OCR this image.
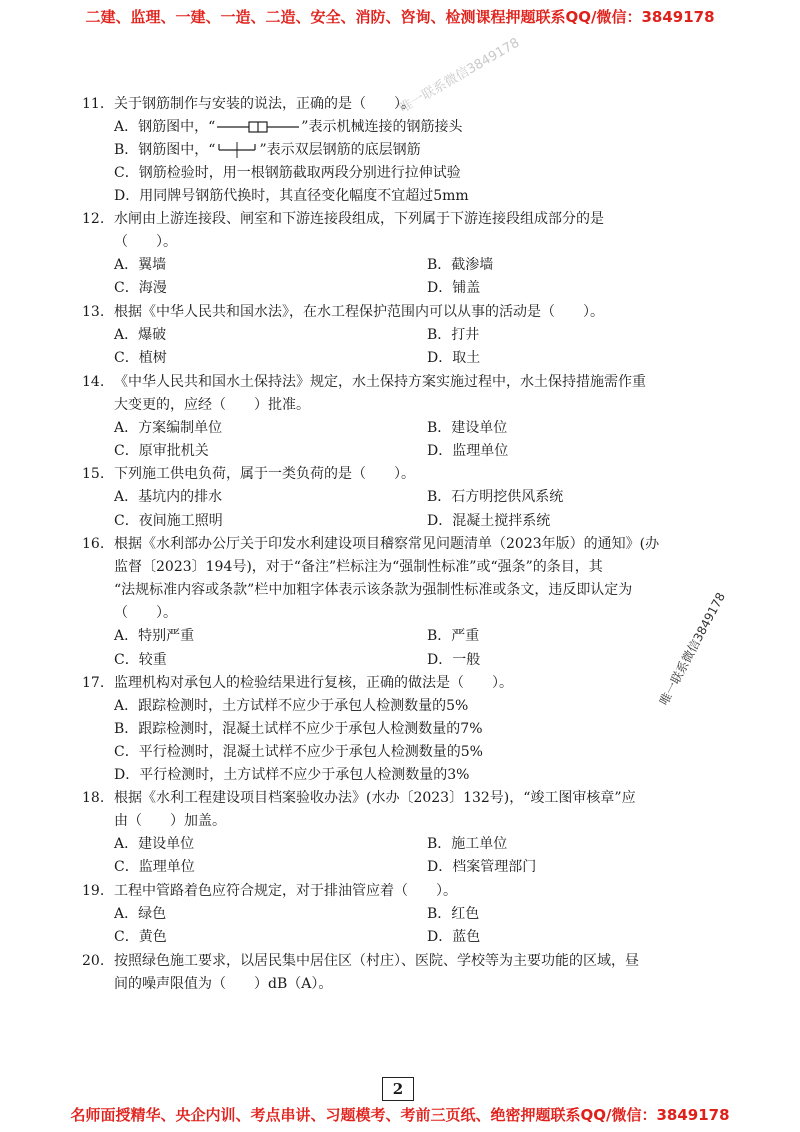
二建、监理、一建、一造、二造、安全、消防、咨询、检测课程押题联系QQ/微信：3849178
唯一联系微信3849178
唯一联系微信3849178
11. 关于钢筋制作与安装的说法，正确的是（　　）。
A．钢筋图中，“	”表示机械连接的钢筋接头
B．钢筋图中，“	”表示双层钢筋的底层钢筋
C．钢筋检验时，用一根钢筋截取两段分别进行拉伸试验
D．用同牌号钢筋代换时，其直径变化幅度不宜超过5mm
12. 水闸由上游连接段、闸室和下游连接段组成，下列属于下游连接段组成部分的是
（　　）。
A．翼墙	B．截渗墙
C．海漫	D．铺盖
13. 根据《中华人民共和国水法》，在水工程保护范围内可以从事的活动是（　　）。
A．爆破	B．打井
C．植树	D．取土
14. 《中华人民共和国水土保持法》规定，水土保持方案实施过程中，水土保持措施需作重
大变更的，应经（　　）批准。
A．方案编制单位	B．建设单位
C．原审批机关	D．监理单位
15. 下列施工供电负荷，属于一类负荷的是（　　）。
A．基坑内的排水	B．石方明挖供风系统
C．夜间施工照明	D．混凝土搅拌系统
16. 根据《水利部办公厅关于印发水利建设项目稽察常见问题清单（2023年版）的通知》(办
监督〔2023〕194号)，对于“备注”栏标注为“强制性标准”或“强条”的条目，其
“法规标准内容或条款”栏中加粗字体表示该条款为强制性标准或条文，违反即认定为
（　　）。
A．特别严重	B．严重
C．较重	D．一般
17. 监理机构对承包人的检验结果进行复核，正确的做法是（　　）。
A．跟踪检测时，土方试样不应少于承包人检测数量的5%
B．跟踪检测时，混凝土试样不应少于承包人检测数量的7%
C．平行检测时，混凝土试样不应少于承包人检测数量的5%
D．平行检测时，土方试样不应少于承包人检测数量的3%
18. 根据《水利工程建设项目档案验收办法》(水办〔2023〕132号)，“竣工图审核章”应
由（　　）加盖。
A．建设单位	B．施工单位
C．监理单位	D．档案管理部门
19. 工程中管路着色应符合规定，对于排油管应着（　　）。
A．绿色	B．红色
C．黄色	D．蓝色
20. 按照绿色施工要求，以居民集中居住区（村庄）、医院、学校等为主要功能的区域，昼
间的噪声限值为（　　）dB（A）。
2
名师面授精华、央企内训、考点串讲、习题模考、考前三页纸、绝密押题联系QQ/微信：3849178
